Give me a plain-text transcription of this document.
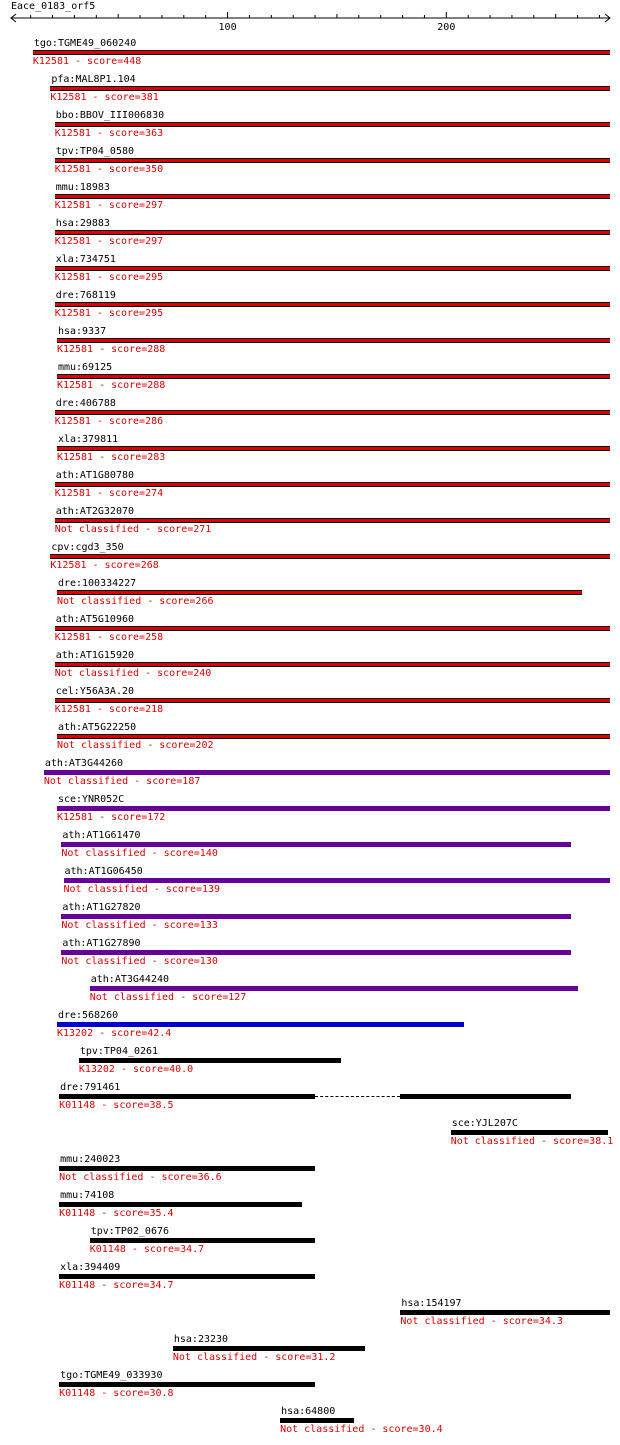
100	200
Eace_0183_orf5
tgo:TGME49_060240
K12581 - score=448
pfa:MAL8P1.104
K12581 - score=381
bbo:BBOV_III006830
K12581 - score=363
tpv:TP04_0580
K12581 - score=350
mmu:18983
K12581 - score=297
hsa:29883
K12581 - score=297
xla:734751
K12581 - score=295
dre:768119
K12581 - score=295
hsa:9337
K12581 - score=288
mmu:69125
K12581 - score=288
dre:406788
K12581 - score=286
xla:379811
K12581 - score=283
ath:AT1G80780
K12581 - score=274
ath:AT2G32070
Not classified - score=271
cpv:cgd3_350
K12581 - score=268
dre:100334227
Not classified - score=266
ath:AT5G10960
K12581 - score=258
ath:AT1G15920
Not classified - score=240
cel:Y56A3A.20
K12581 - score=218
ath:AT5G22250
Not classified - score=202
ath:AT3G44260
Not classified - score=187
sce:YNR052C
K12581 - score=172
ath:AT1G61470
Not classified - score=140
ath:AT1G06450
Not classified - score=139
ath:AT1G27820
Not classified - score=133
ath:AT1G27890
Not classified - score=130
ath:AT3G44240
Not classified - score=127
dre:568260
K13202 - score=42.4
tpv:TP04_0261
K13202 - score=40.0
dre:791461
K01148 - score=38.5
sce:YJL207C
Not classified - score=38.1
mmu:240023
Not classified - score=36.6
mmu:74108
K01148 - score=35.4
tpv:TP02_0676
K01148 - score=34.7
xla:394409
K01148 - score=34.7
hsa:154197
Not classified - score=34.3
hsa:23230
Not classified - score=31.2
tgo:TGME49_033930
K01148 - score=30.8
hsa:64800
Not classified - score=30.4
